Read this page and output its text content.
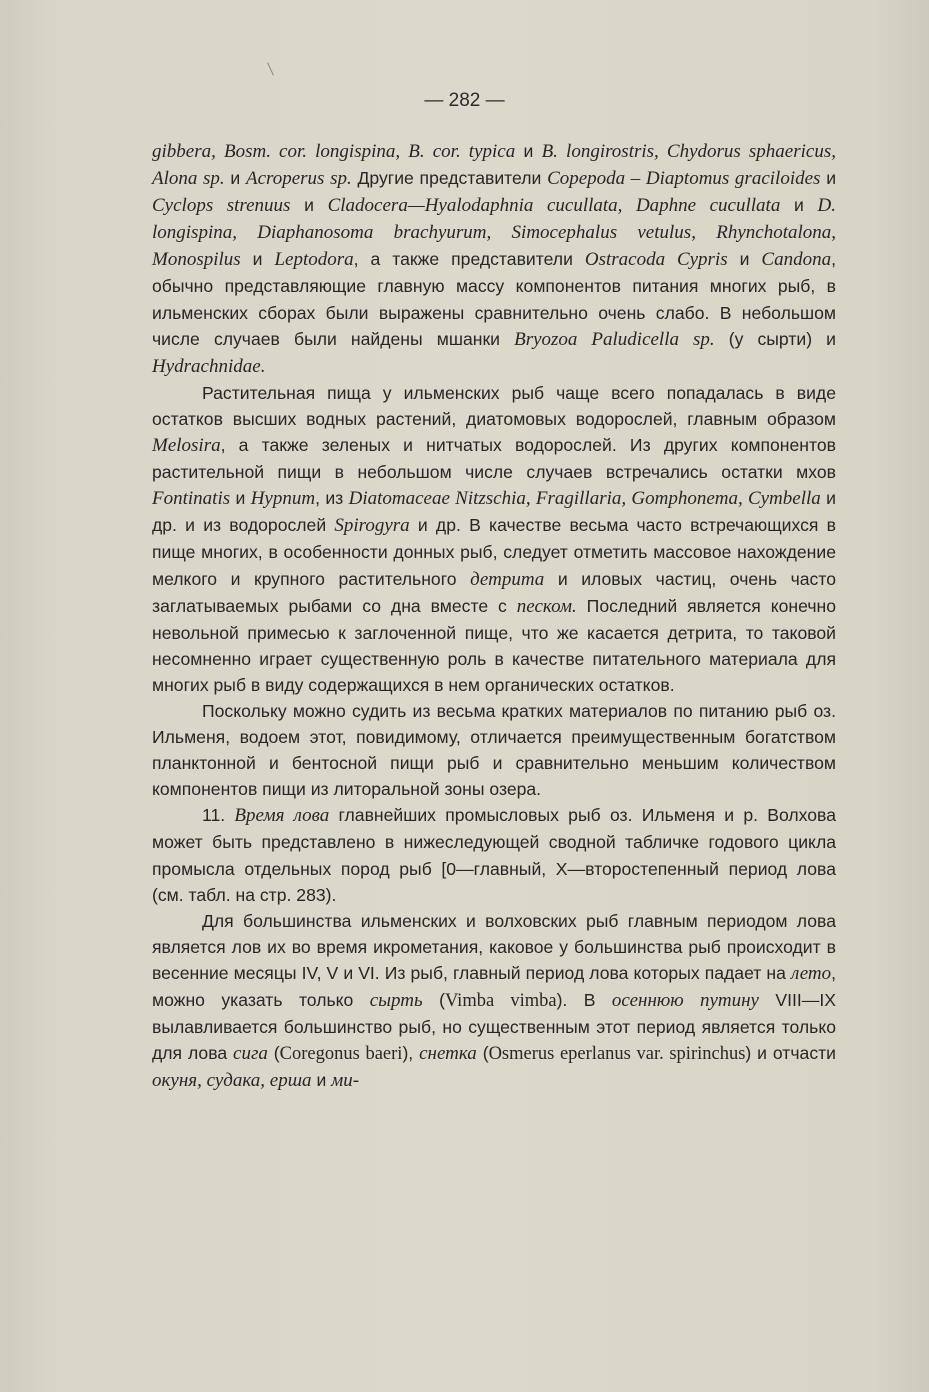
— 282 —

gibbera, Bosm. cor. longispina, B. cor. typica и B. longirostris, Chydorus sphaericus, Alona sp. и Acroperus sp. Другие представители Copepoda – Diaptomus graciloides и Cyclops strenuus и Cladocera—Hyalodaphnia cucullata, Daphne cucullata и D. longispina, Diaphanosoma brachyurum, Simocephalus vetulus, Rhynchotalona, Monospilus и Leptodora, а также представители Ostracoda Cypris и Candona, обычно представляющие главную массу компонентов питания многих рыб, в ильменских сборах были выражены сравнительно очень слабо. В небольшом числе случаев были найдены мшанки Bryozoa Paludicella sp. (у сырти) и Hydrachnidae.

Растительная пища у ильменских рыб чаще всего попадалась в виде остатков высших водных растений, диатомовых водорослей, главным образом Melosira, а также зеленых и нитчатых водорослей. Из других компонентов растительной пищи в небольшом числе случаев встречались остатки мхов Fontinatis и Hypnum, из Diatomaceae Nitzschia, Fragillaria, Gomphonema, Cymbella и др. и из водорослей Spirogyra и др. В качестве весьма часто встречающихся в пище многих, в особенности донных рыб, следует отметить массовое нахождение мелкого и крупного растительного детрита и иловых частиц, очень часто заглатываемых рыбами со дна вместе с песком. Последний является конечно невольной примесью к заглоченной пище, что же касается детрита, то таковой несомненно играет существенную роль в качестве питательного материала для многих рыб в виду содержащихся в нем органических остатков.

Поскольку можно судить из весьма кратких материалов по питанию рыб оз. Ильменя, водоем этот, повидимому, отличается преимущественным богатством планктонной и бентосной пищи рыб и сравнительно меньшим количеством компонентов пищи из литоральной зоны озера.

11. Время лова главнейших промысловых рыб оз. Ильменя и р. Волхова может быть представлено в нижеследующей сводной табличке годового цикла промысла отдельных пород рыб [0—главный, Х—второстепенный период лова (см. табл. на стр. 283).

Для большинства ильменских и волховских рыб главным периодом лова является лов их во время икрометания, каковое у большинства рыб происходит в весенние месяцы IV, V и VI. Из рыб, главный период лова которых падает на лето, можно указать только сырть (Vimba vimba). В осеннюю путину VIII—IX вылавливается большинство рыб, но существенным этот период является только для лова сига (Coregonus baeri), снетка (Osmerus eperlanus var. spirinchus) и отчасти окуня, судака, ерша и ми-
